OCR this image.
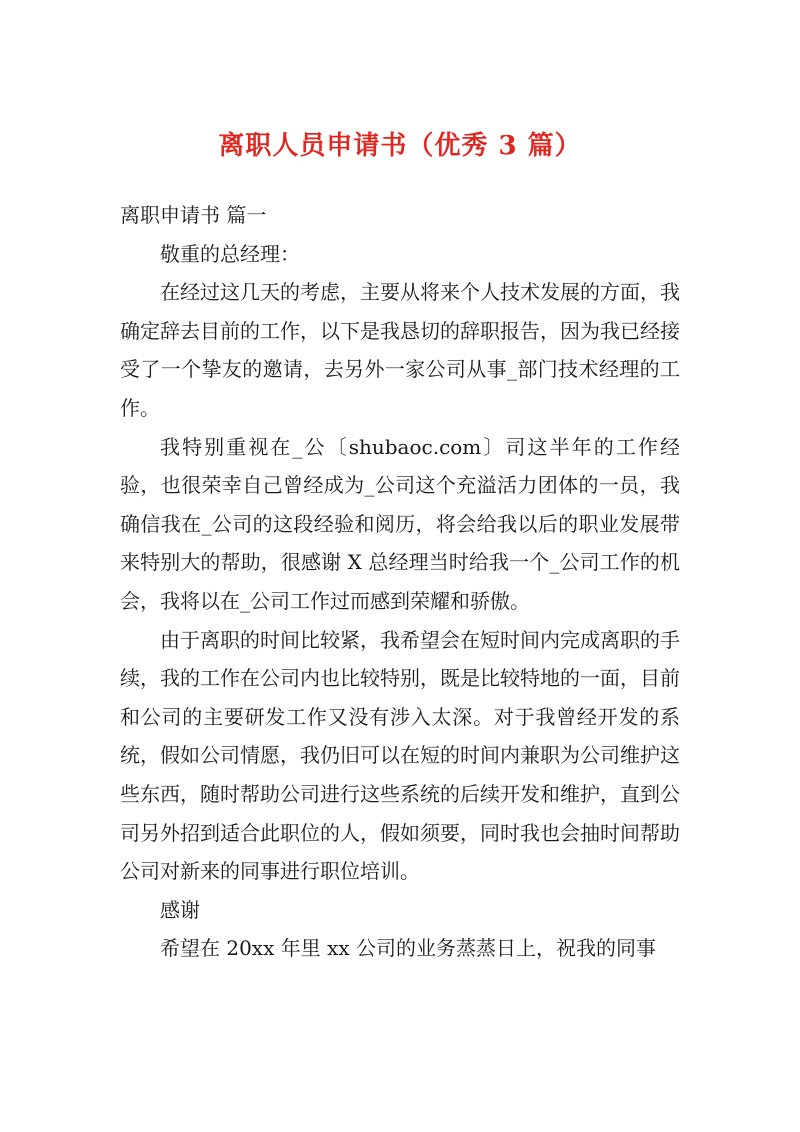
离职人员申请书（优秀 3 篇）

离职申请书 篇一

敬重的总经理：

在经过这几天的考虑，主要从将来个人技术发展的方面，我确定辞去目前的工作，以下是我恳切的辞职报告，因为我已经接受了一个挚友的邀请，去另外一家公司从事_部门技术经理的工作。

我特别重视在_公〔shubaoc.com〕司这半年的工作经验，也很荣幸自己曾经成为_公司这个充溢活力团体的一员，我确信我在_公司的这段经验和阅历，将会给我以后的职业发展带来特别大的帮助，很感谢 X 总经理当时给我一个_公司工作的机会，我将以在_公司工作过而感到荣耀和骄傲。

由于离职的时间比较紧，我希望会在短时间内完成离职的手续，我的工作在公司内也比较特别，既是比较特地的一面，目前和公司的主要研发工作又没有涉入太深。对于我曾经开发的系统，假如公司情愿，我仍旧可以在短的时间内兼职为公司维护这些东西，随时帮助公司进行这些系统的后续开发和维护，直到公司另外招到适合此职位的人，假如须要，同时我也会抽时间帮助公司对新来的同事进行职位培训。

感谢

希望在 20xx 年里 xx 公司的业务蒸蒸日上，祝我的同事
